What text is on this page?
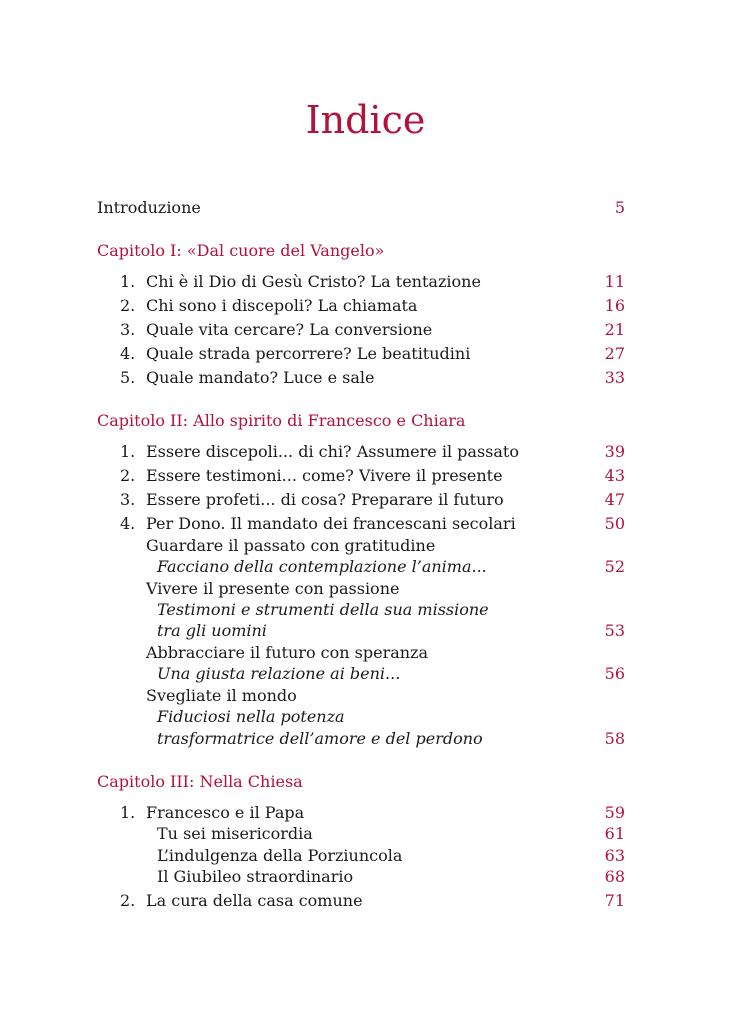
Indice
Introduzione	5
Capitolo I: «Dal cuore del Vangelo»
1. Chi è il Dio di Gesù Cristo? La tentazione	11
2. Chi sono i discepoli? La chiamata	16
3. Quale vita cercare? La conversione	21
4. Quale strada percorrere? Le beatitudini	27
5. Quale mandato? Luce e sale	33
Capitolo II: Allo spirito di Francesco e Chiara
1. Essere discepoli... di chi? Assumere il passato	39
2. Essere testimoni... come? Vivere il presente	43
3. Essere profeti... di cosa? Preparare il futuro	47
4. Per Dono. Il mandato dei francescani secolari	50
Guardare il passato con gratitudine
Facciano della contemplazione l’anima...	52
Vivere il presente con passione
Testimoni e strumenti della sua missione
tra gli uomini	53
Abbracciare il futuro con speranza
Una giusta relazione ai beni...	56
Svegliate il mondo
Fiduciosi nella potenza
trasformatrice dell’amore e del perdono	58
Capitolo III: Nella Chiesa
1. Francesco e il Papa	59
Tu sei misericordia	61
L’indulgenza della Porziuncola	63
Il Giubileo straordinario	68
2. La cura della casa comune	71
